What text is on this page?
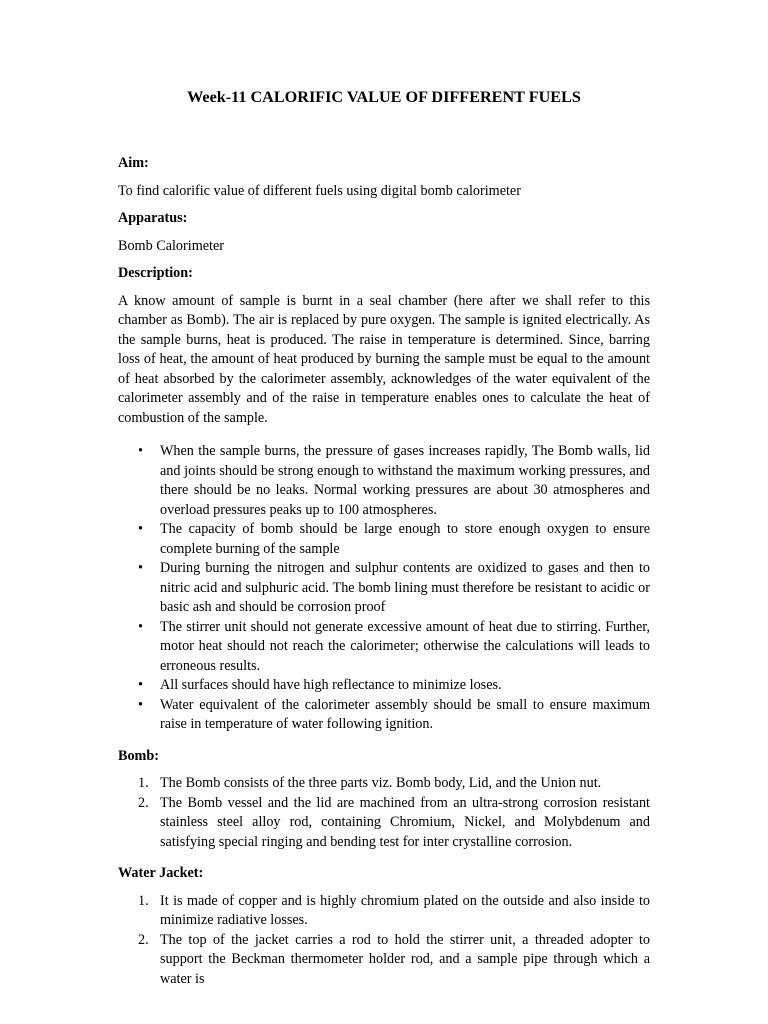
Week-11 CALORIFIC VALUE OF DIFFERENT FUELS
Aim:

To find calorific value of different fuels using digital bomb calorimeter

Apparatus:

Bomb Calorimeter

Description:

A know amount of sample is burnt in a seal chamber (here after we shall refer to this chamber as Bomb). The air is replaced by pure oxygen. The sample is ignited electrically. As the sample burns, heat is produced. The raise in temperature is determined. Since, barring loss of heat, the amount of heat produced by burning the sample must be equal to the amount of heat absorbed by the calorimeter assembly, acknowledges of the water equivalent of the calorimeter assembly and of the raise in temperature enables ones to calculate the heat of combustion of the sample.

• When the sample burns, the pressure of gases increases rapidly, The Bomb walls, lid and joints should be strong enough to withstand the maximum working pressures, and there should be no leaks. Normal working pressures are about 30 atmospheres and overload pressures peaks up to 100 atmospheres.
• The capacity of bomb should be large enough to store enough oxygen to ensure complete burning of the sample
• During burning the nitrogen and sulphur contents are oxidized to gases and then to nitric acid and sulphuric acid. The bomb lining must therefore be resistant to acidic or basic ash and should be corrosion proof
• The stirrer unit should not generate excessive amount of heat due to stirring. Further, motor heat should not reach the calorimeter; otherwise the calculations will leads to erroneous results.
• All surfaces should have high reflectance to minimize loses.
• Water equivalent of the calorimeter assembly should be small to ensure maximum raise in temperature of water following ignition.
Bomb:
1. The Bomb consists of the three parts viz. Bomb body, Lid, and the Union nut.
2. The Bomb vessel and the lid are machined from an ultra-strong corrosion resistant stainless steel alloy rod, containing Chromium, Nickel, and Molybdenum and satisfying special ringing and bending test for inter crystalline corrosion.
Water Jacket:
1. It is made of copper and is highly chromium plated on the outside and also inside to minimize radiative losses.
2. The top of the jacket carries a rod to hold the stirrer unit, a threaded adopter to support the Beckman thermometer holder rod, and a sample pipe through which a water is
